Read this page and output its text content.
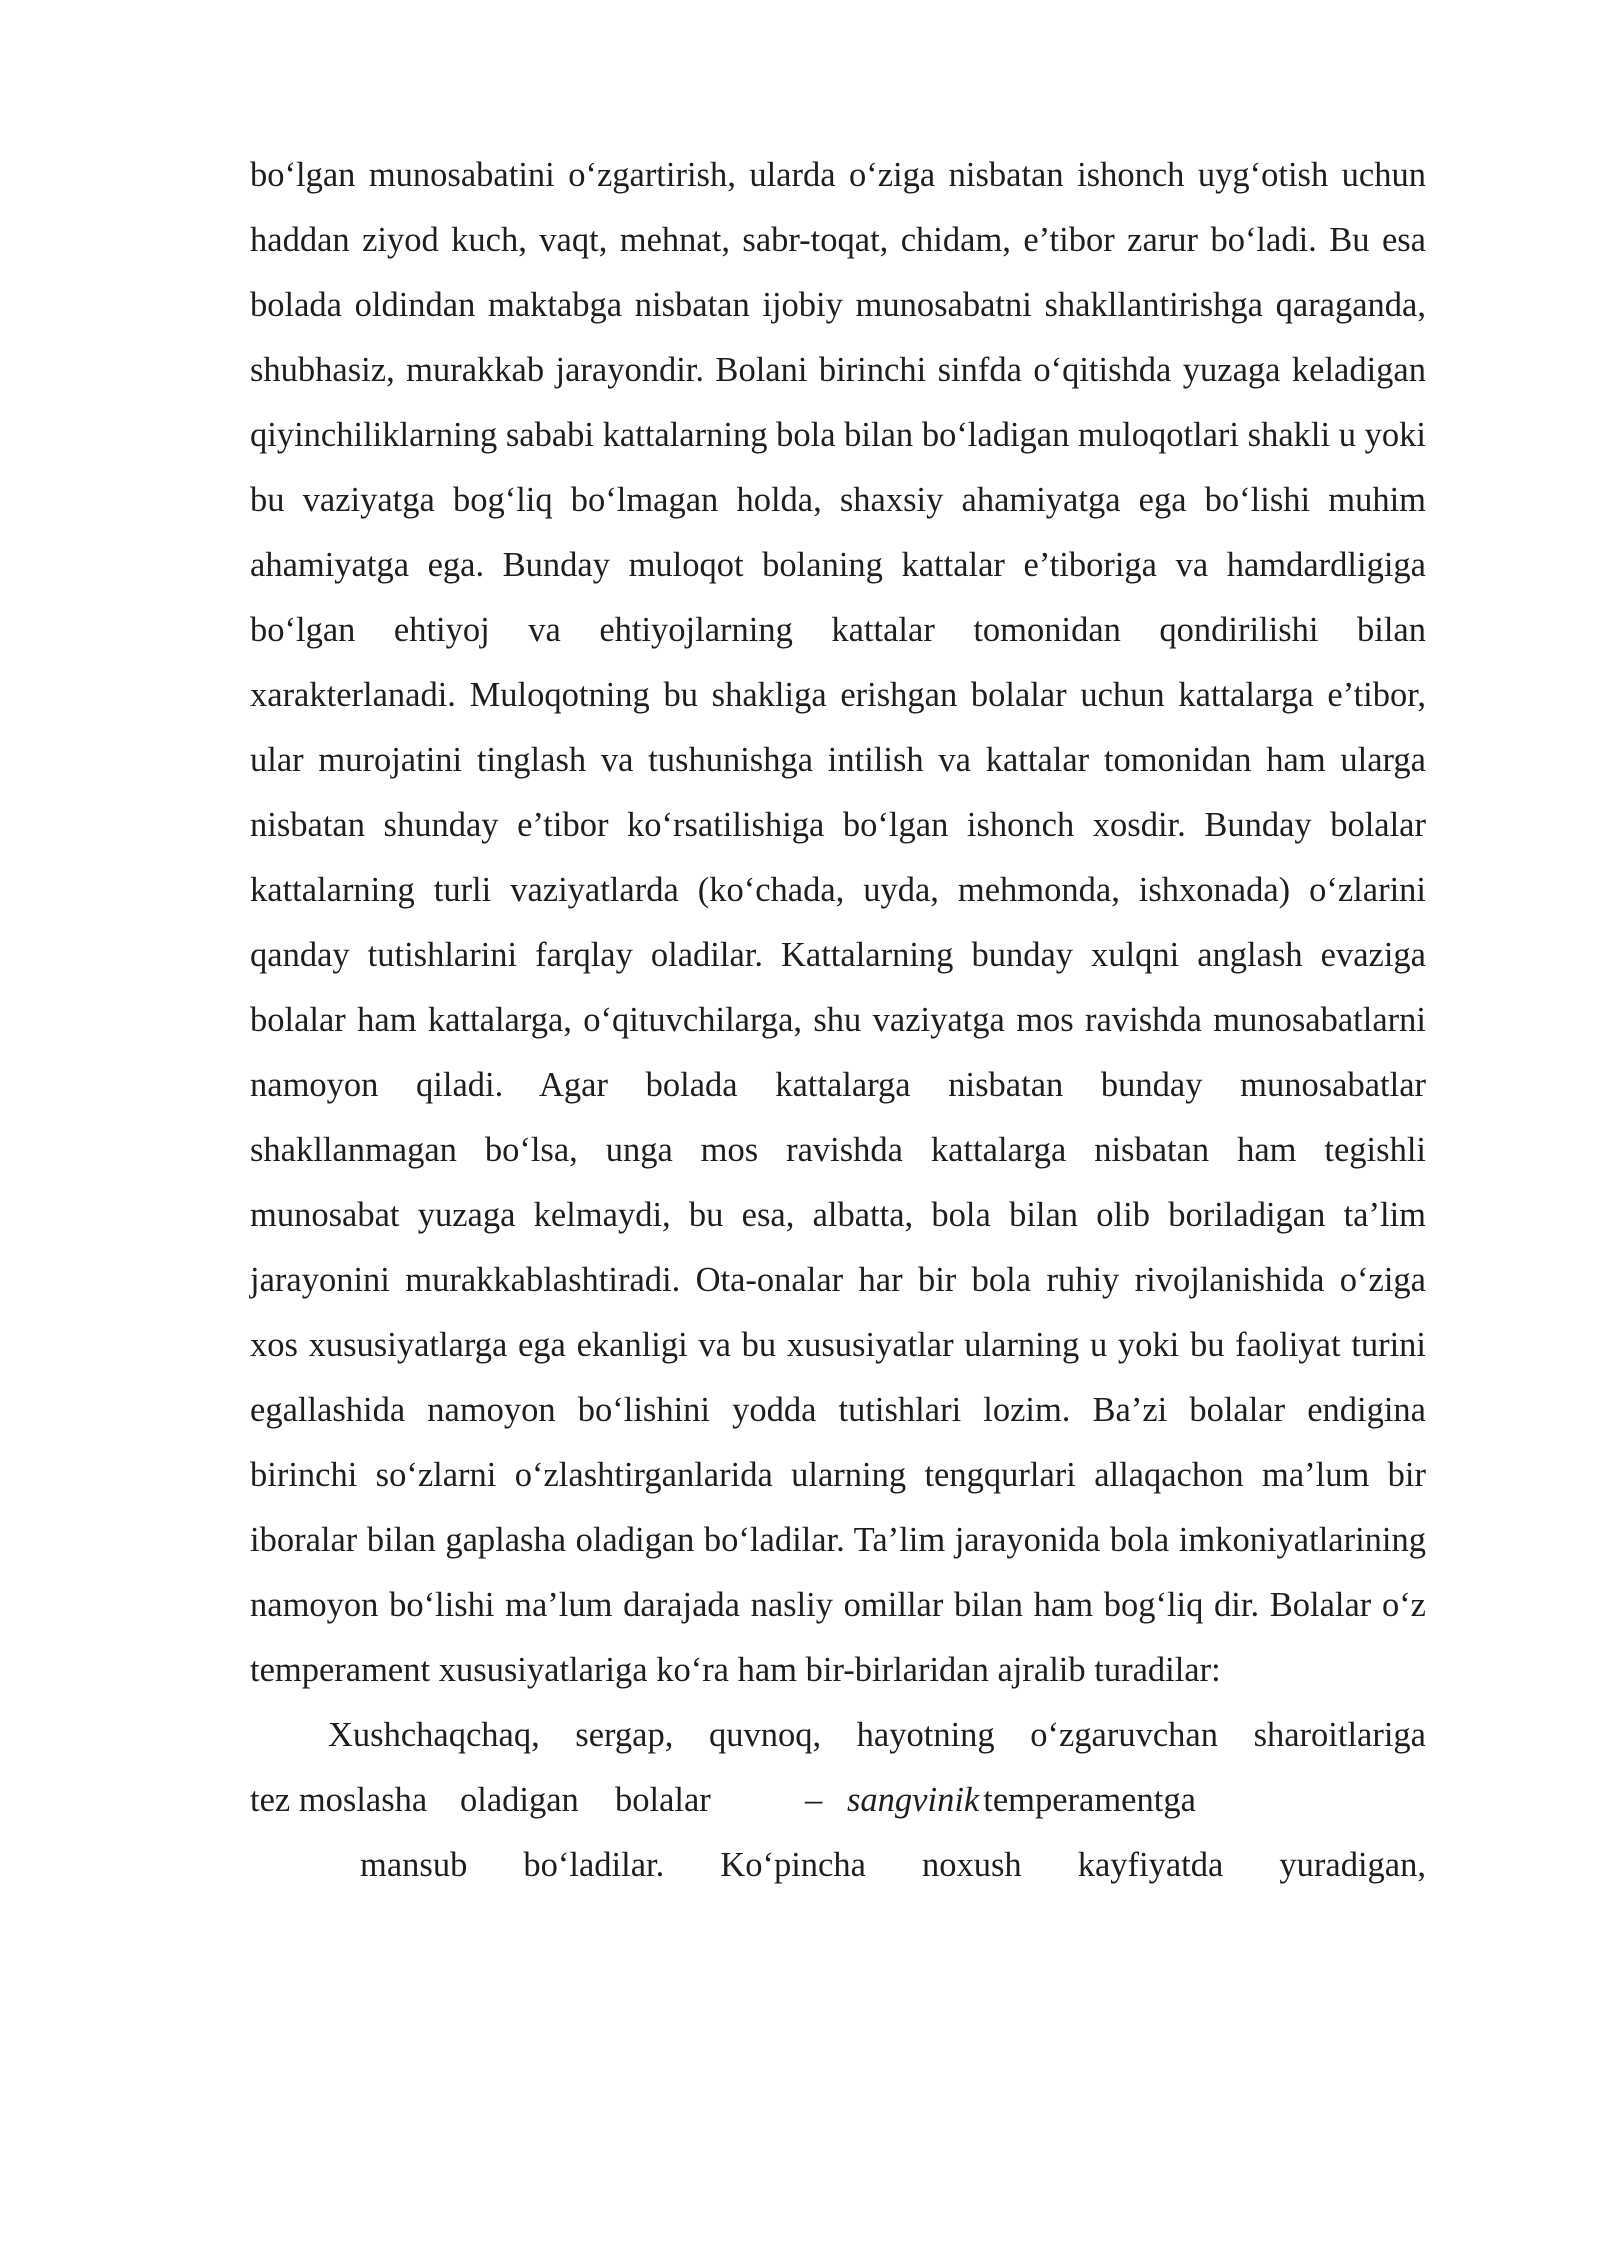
bo‘lgan munosabatini o‘zgartirish, ularda o‘ziga nisbatan ishonch uyg‘otish uchun haddan ziyod kuch, vaqt, mehnat, sabr-toqat, chidam, e’tibor zarur bo‘ladi. Bu esa bolada oldindan maktabga nisbatan ijobiy munosabatni shakllantirishga qaraganda, shubhasiz, murakkab jarayondir. Bolani birinchi sinfda o‘qitishda yuzaga keladigan qiyinchiliklarning sababi kattalarning bola bilan bo‘ladigan muloqotlari shakli u yoki bu vaziyatga bog‘liq bo‘lmagan holda, shaxsiy ahamiyatga ega bo‘lishi muhim ahamiyatga ega. Bunday muloqot bolaning kattalar e’tiboriga va hamdardligiga bo‘lgan ehtiyoj va ehtiyojlarning kattalar tomonidan qondirilishi bilan xarakterlanadi. Muloqotning bu shakliga erishgan bolalar uchun kattalarga e’tibor, ular murojatini tinglash va tushunishga intilish va kattalar tomonidan ham ularga nisbatan shunday e’tibor ko‘rsatilishiga bo‘lgan ishonch xosdir. Bunday bolalar kattalarning turli vaziyatlarda (ko‘chada, uyda, mehmonda, ishxonada) o‘zlarini qanday tutishlarini farqlay oladilar. Kattalarning bunday xulqni anglash evaziga bolalar ham kattalarga, o‘qituvchilarga, shu vaziyatga mos ravishda munosabatlarni namoyon qiladi. Agar bolada kattalarga nisbatan bunday munosabatlar shakllanmagan bo‘lsa, unga mos ravishda kattalarga nisbatan ham tegishli munosabat yuzaga kelmaydi, bu esa, albatta, bola bilan olib boriladigan ta’lim jarayonini murakkablashtiradi. Ota-onalar har bir bola ruhiy rivojlanishida o‘ziga xos xususiyatlarga ega ekanligi va bu xususiyatlar ularning u yoki bu faoliyat turini egallashida namoyon bo‘lishini yodda tutishlari lozim. Ba’zi bolalar endigina birinchi so‘zlarni o‘zlashtirganlarida ularning tengqurlari allaqachon ma’lum bir iboralar bilan gaplasha oladigan bo‘ladilar. Ta’lim jarayonida bola imkoniyatlarining namoyon bo‘lishi ma’lum darajada nasliy omillar bilan ham bog‘liq dir. Bolalar o‘z temperament xususiyatlariga ko‘ra ham bir-birlaridan ajralib turadilar:

Xushchaqchaq, sergap, quvnoq, hayotning o‘zgaruvchan sharoitlariga
tez moslasha oladigan bolalar	– sangvinik temperamentga
mansub bo‘ladilar. Ko‘pincha noxush kayfiyatda yuradigan,
